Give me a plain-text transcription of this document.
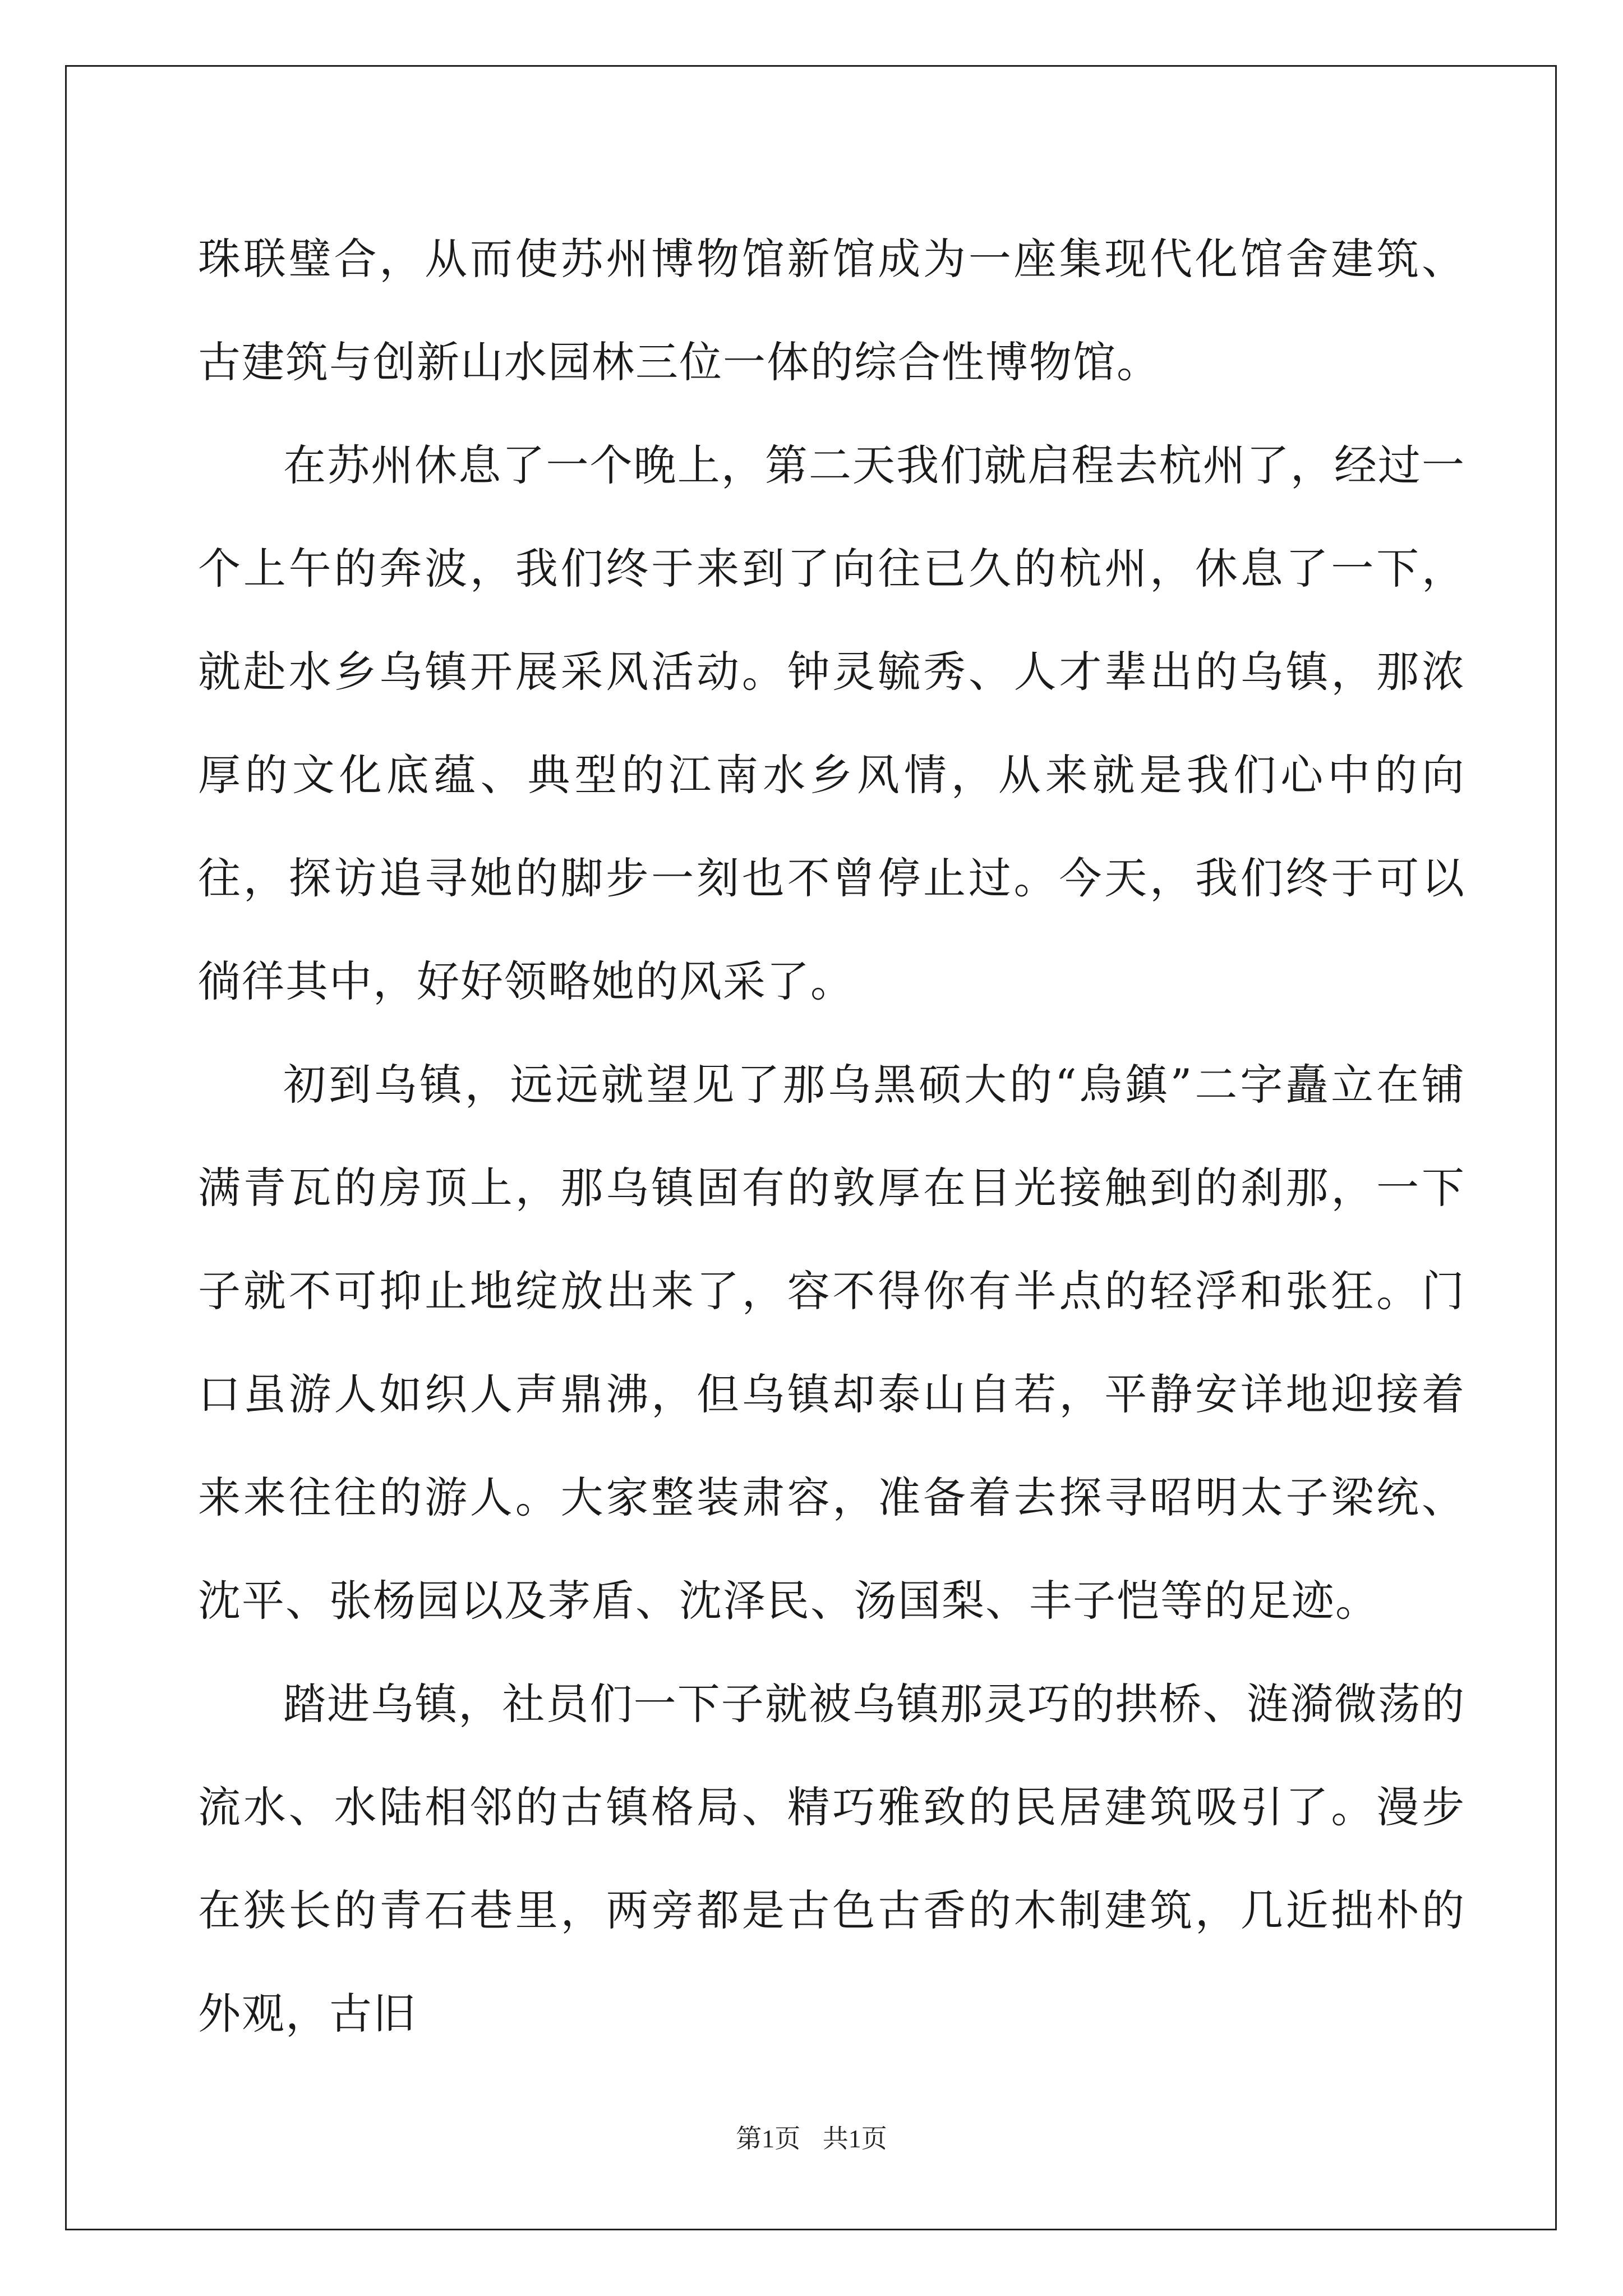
珠联璧合，从而使苏州博物馆新馆成为一座集现代化馆舍建筑、古建筑与创新山水园林三位一体的综合性博物馆。

在苏州休息了一个晚上，第二天我们就启程去杭州了，经过一个上午的奔波，我们终于来到了向往已久的杭州，休息了一下，就赴水乡乌镇开展采风活动。钟灵毓秀、人才辈出的乌镇，那浓厚的文化底蕴、典型的江南水乡风情，从来就是我们心中的向往，探访追寻她的脚步一刻也不曾停止过。今天，我们终于可以徜徉其中，好好领略她的风采了。

初到乌镇，远远就望见了那乌黑硕大的“烏鎮”二字矗立在铺满青瓦的房顶上，那乌镇固有的敦厚在目光接触到的刹那，一下子就不可抑止地绽放出来了，容不得你有半点的轻浮和张狂。门口虽游人如织人声鼎沸，但乌镇却泰山自若，平静安详地迎接着来来往往的游人。大家整装肃容，准备着去探寻昭明太子梁统、沈平、张杨园以及茅盾、沈泽民、汤国梨、丰子恺等的足迹。

踏进乌镇，社员们一下子就被乌镇那灵巧的拱桥、涟漪微荡的流水、水陆相邻的古镇格局、精巧雅致的民居建筑吸引了。漫步在狭长的青石巷里，两旁都是古色古香的木制建筑，几近拙朴的外观，古旧

第1页 共1页
